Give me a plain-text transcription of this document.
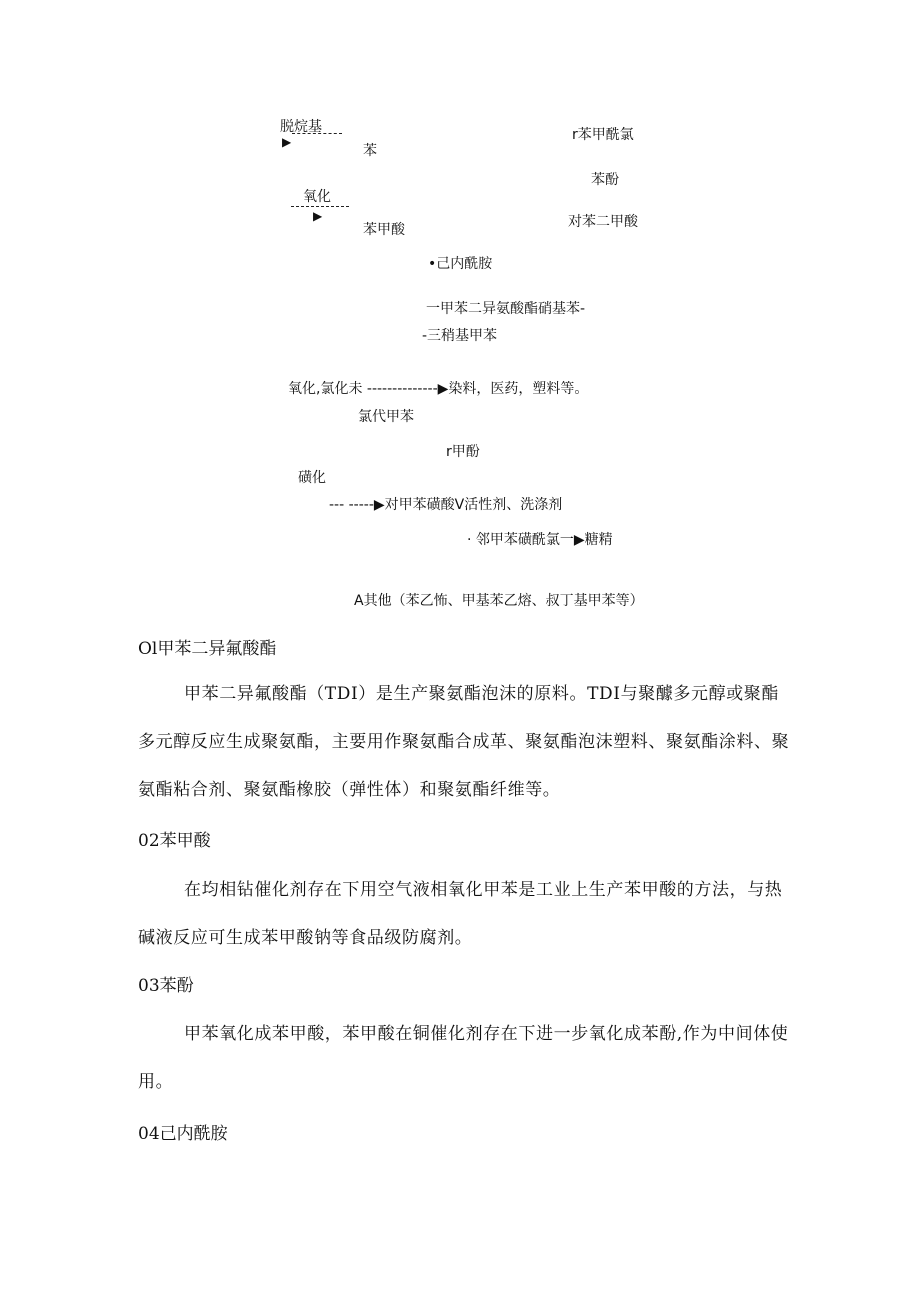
脱烷基
▶
苯
r苯甲酰氯
苯酚
氧化
▶
苯甲酸	对苯二甲酸
•己内酰胺
一甲苯二异氨酸酯硝基苯-
-三稍基甲苯
氧化,氯化未 --------------▶染料，医药，塑料等。
氯代甲苯
r甲酚
磺化
--- -----▶对甲苯磺酸V活性剂、洗涤剂
· 邻甲苯磺酰氯一▶糖精
A其他（苯乙怖、甲基苯乙熔、叔丁基甲苯等）
Ol甲苯二异氟酸酯
甲苯二异氟酸酯（TDI）是生产聚氨酯泡沫的原料。TDI与聚醵多元醇或聚酯多元醇反应生成聚氨酯，主要用作聚氨酯合成革、聚氨酯泡沫塑料、聚氨酯涂料、聚氨酯粘合剂、聚氨酯橡胶（弹性体）和聚氨酯纤维等。
02苯甲酸
在均相钻催化剂存在下用空气液相氧化甲苯是工业上生产苯甲酸的方法，与热碱液反应可生成苯甲酸钠等食品级防腐剂。
03苯酚
甲苯氧化成苯甲酸，苯甲酸在铜催化剂存在下进一步氧化成苯酚,作为中间体使用。
04己内酰胺
